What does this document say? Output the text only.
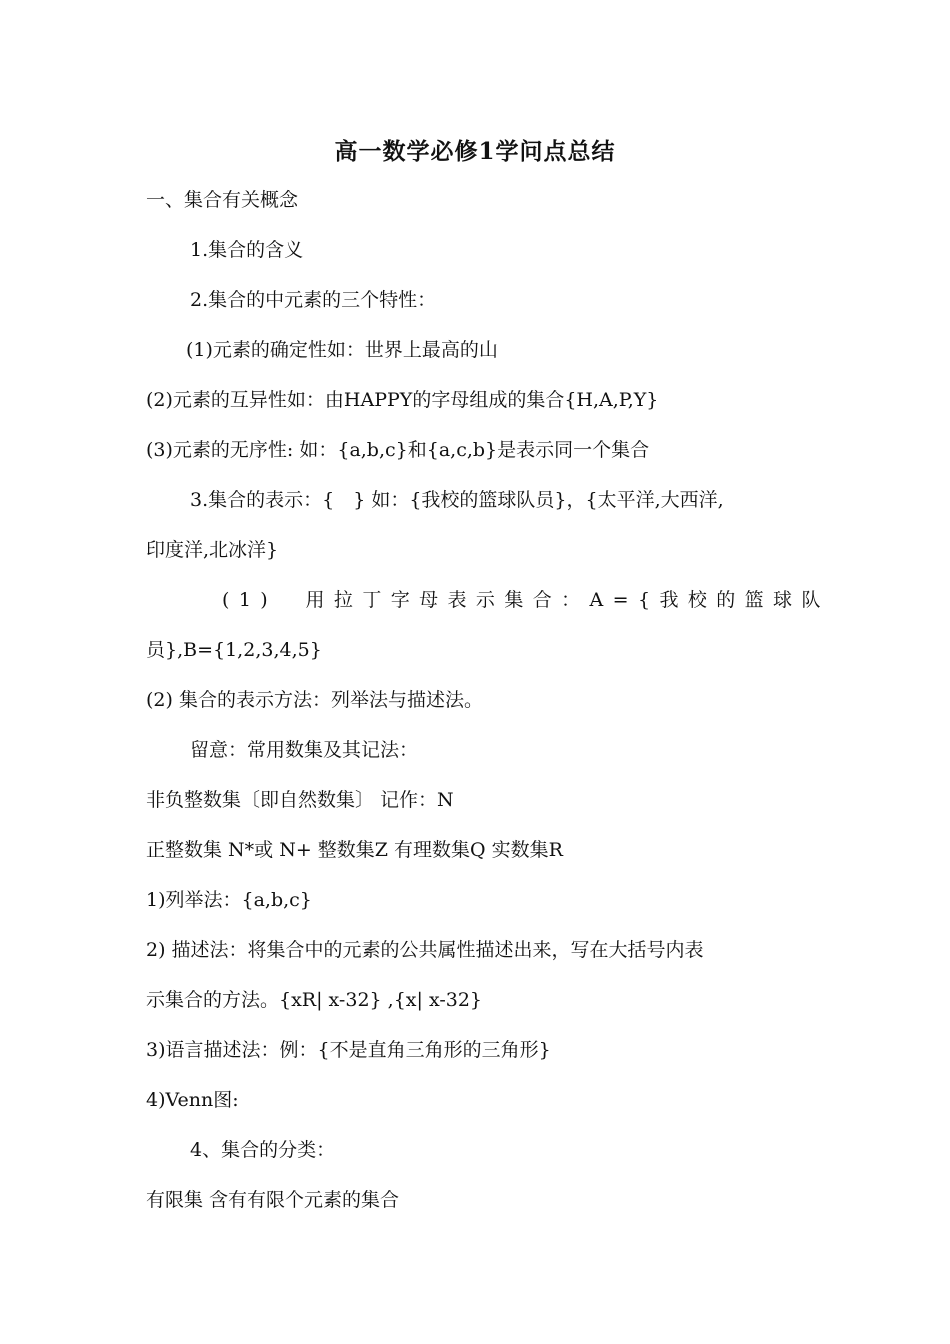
高一数学必修1学问点总结
一、集合有关概念
1.集合的含义
2.集合的中元素的三个特性：
(1)元素的确定性如：世界上最高的山
(2)元素的互异性如：由HAPPY的字母组成的集合{H,A,P,Y}
(3)元素的无序性: 如：{a,b,c}和{a,c,b}是表示同一个集合
3.集合的表示：{　} 如：{我校的篮球队员}，{太平洋,大西洋,
印度洋,北冰洋}
(1)　用拉丁字母表示集合：A={我校的篮球队
员},B={1,2,3,4,5}
(2) 集合的表示方法：列举法与描述法。
留意：常用数集及其记法：
非负整数集〔即自然数集〕 记作：N
正整数集 N*或 N+ 整数集Z 有理数集Q 实数集R
1)列举法：{a,b,c}
2) 描述法：将集合中的元素的公共属性描述出来，写在大括号内表
示集合的方法。{xR| x-32} ,{x| x-32}
3)语言描述法：例：{不是直角三角形的三角形}
4)Venn图:
4、集合的分类：
有限集 含有有限个元素的集合
